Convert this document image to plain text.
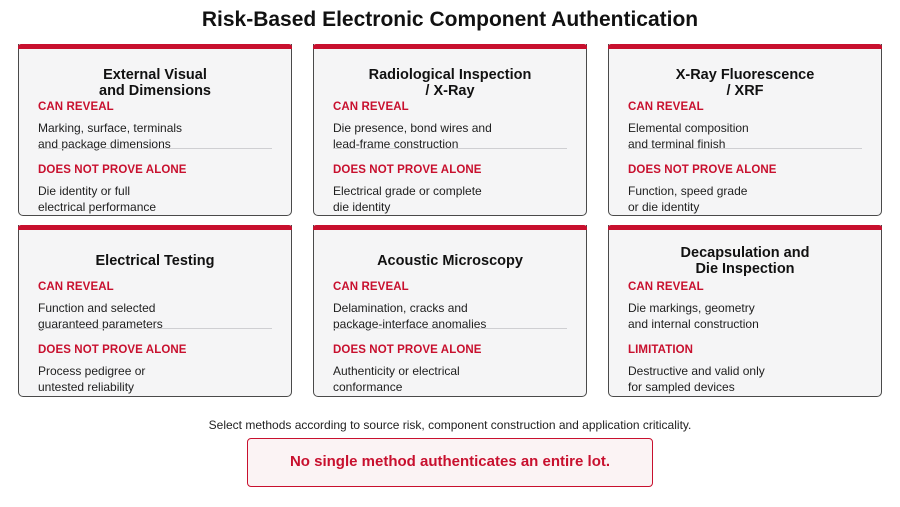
Risk-Based Electronic Component Authentication
External Visual
and Dimensions
CAN REVEAL
Marking, surface, terminals
and package dimensions
DOES NOT PROVE ALONE
Die identity or full
electrical performance
Radiological Inspection
/ X-Ray
CAN REVEAL
Die presence, bond wires and
lead-frame construction
DOES NOT PROVE ALONE
Electrical grade or complete
die identity
X-Ray Fluorescence
/ XRF
CAN REVEAL
Elemental composition
and terminal finish
DOES NOT PROVE ALONE
Function, speed grade
or die identity
Electrical Testing
CAN REVEAL
Function and selected
guaranteed parameters
DOES NOT PROVE ALONE
Process pedigree or
untested reliability
Acoustic Microscopy
CAN REVEAL
Delamination, cracks and
package-interface anomalies
DOES NOT PROVE ALONE
Authenticity or electrical
conformance
Decapsulation and
Die Inspection
CAN REVEAL
Die markings, geometry
and internal construction
LIMITATION
Destructive and valid only
for sampled devices
Select methods according to source risk, component construction and application criticality.
No single method authenticates an entire lot.
